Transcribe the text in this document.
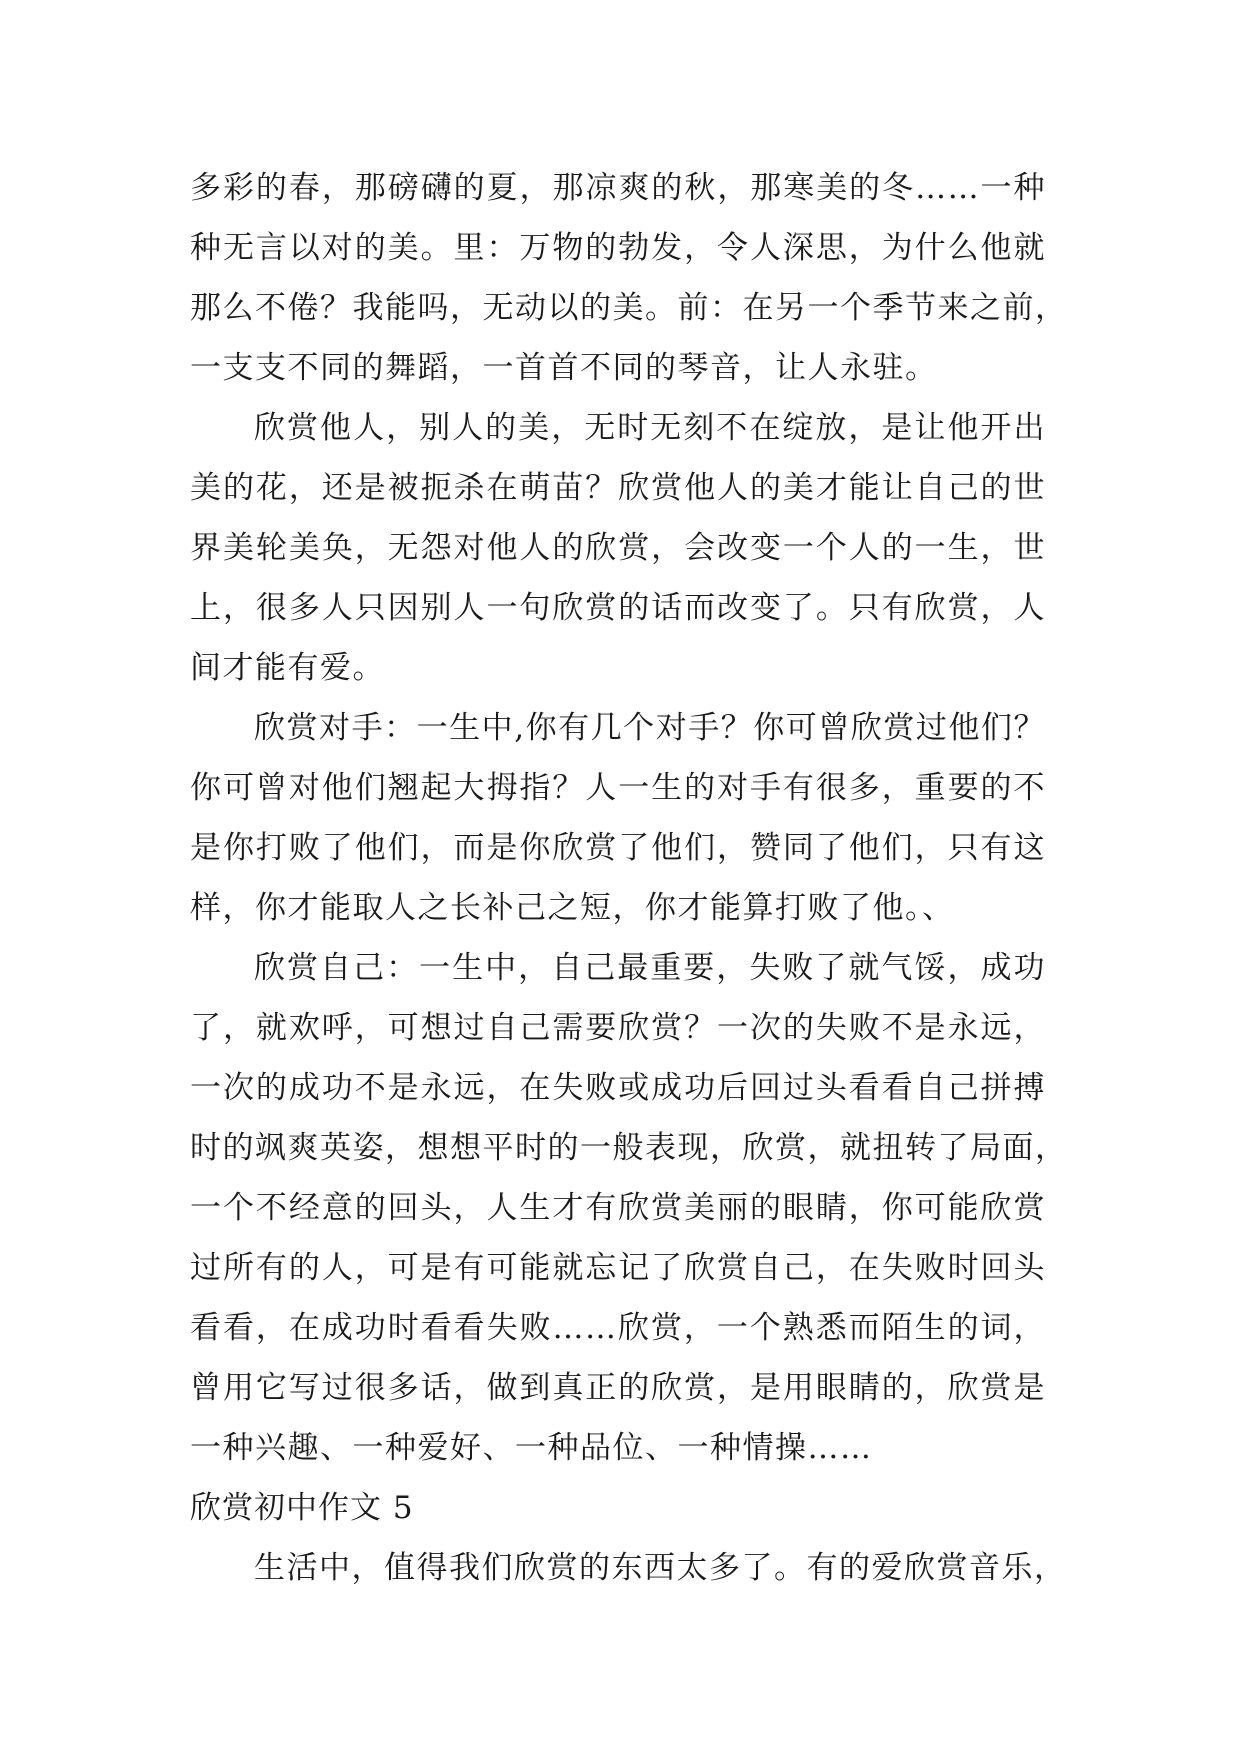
多彩的春，那磅礴的夏，那凉爽的秋，那寒美的冬……一种
种无言以对的美。里：万物的勃发，令人深思，为什么他就
那么不倦？我能吗，无动以的美。前：在另一个季节来之前，
一支支不同的舞蹈，一首首不同的琴音，让人永驻。
欣赏他人，别人的美，无时无刻不在绽放，是让他开出
美的花，还是被扼杀在萌苗？欣赏他人的美才能让自己的世
界美轮美奂，无怨对他人的欣赏，会改变一个人的一生，世
上，很多人只因别人一句欣赏的话而改变了。只有欣赏，人
间才能有爱。
欣赏对手：一生中,你有几个对手？你可曾欣赏过他们？
你可曾对他们翘起大拇指？人一生的对手有很多，重要的不
是你打败了他们，而是你欣赏了他们，赞同了他们，只有这
样，你才能取人之长补己之短，你才能算打败了他。、
欣赏自己：一生中，自己最重要，失败了就气馁，成功
了，就欢呼，可想过自己需要欣赏？一次的失败不是永远，
一次的成功不是永远，在失败或成功后回过头看看自己拼搏
时的飒爽英姿，想想平时的一般表现，欣赏，就扭转了局面，
一个不经意的回头，人生才有欣赏美丽的眼睛，你可能欣赏
过所有的人，可是有可能就忘记了欣赏自己，在失败时回头
看看，在成功时看看失败……欣赏，一个熟悉而陌生的词，
曾用它写过很多话，做到真正的欣赏，是用眼睛的，欣赏是
一种兴趣、一种爱好、一种品位、一种情操……
欣赏初中作文 5
生活中，值得我们欣赏的东西太多了。有的爱欣赏音乐，
